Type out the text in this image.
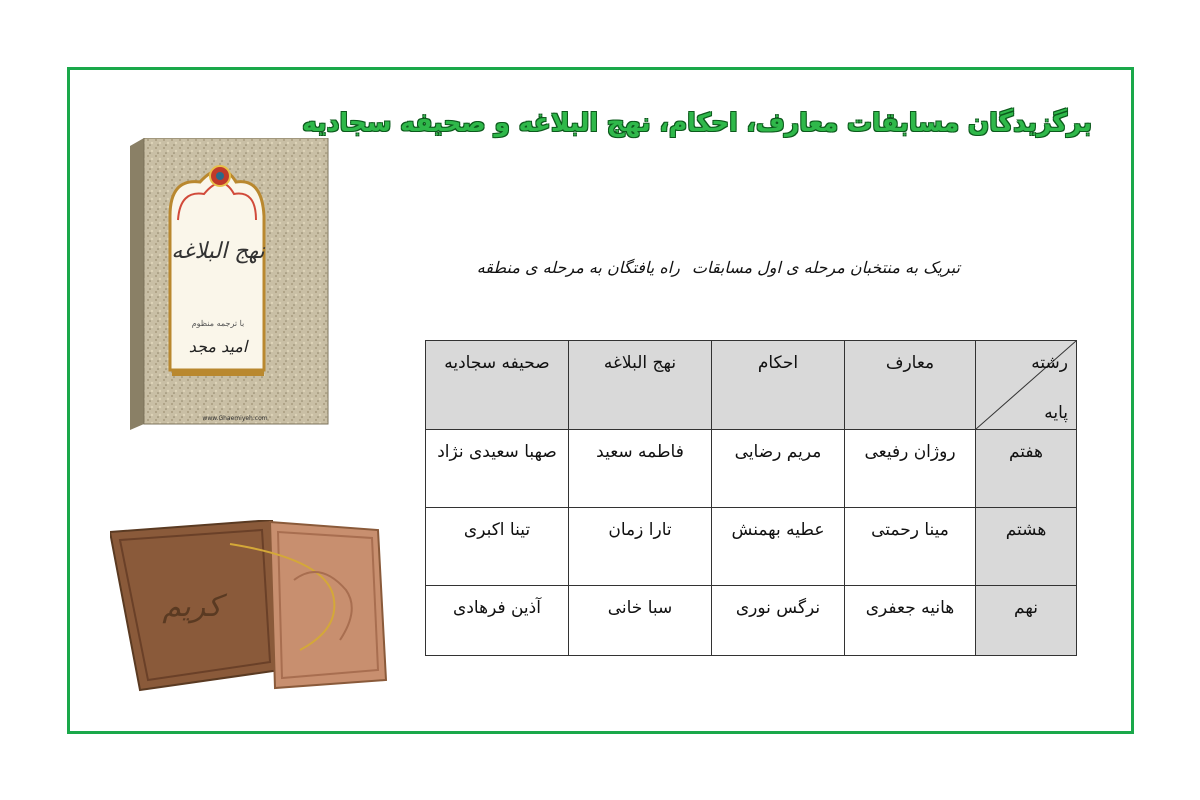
برگزیدگان مسابقات معارف، احکام، نهج البلاغه و صحیفه سجادیه
تبریک به منتخبان مرحله ی اول مسابقات
راه یافتگان به مرحله ی منطقه
نهج البلاغه
با ترجمه منظوم
امید مجد
www.Ghaemiyeh.com
کریم
رشته
پایه	معارف	احکام	نهج البلاغه	صحیفه سجادیه
هفتم	روژان رفیعی	مریم رضایی	فاطمه سعید	صهبا سعیدی نژاد
هشتم	مینا رحمتی	عطیه بهمنش	تارا زمان	تینا اکبری
نهم	هانیه جعفری	نرگس نوری	سبا خانی	آذین فرهادی
